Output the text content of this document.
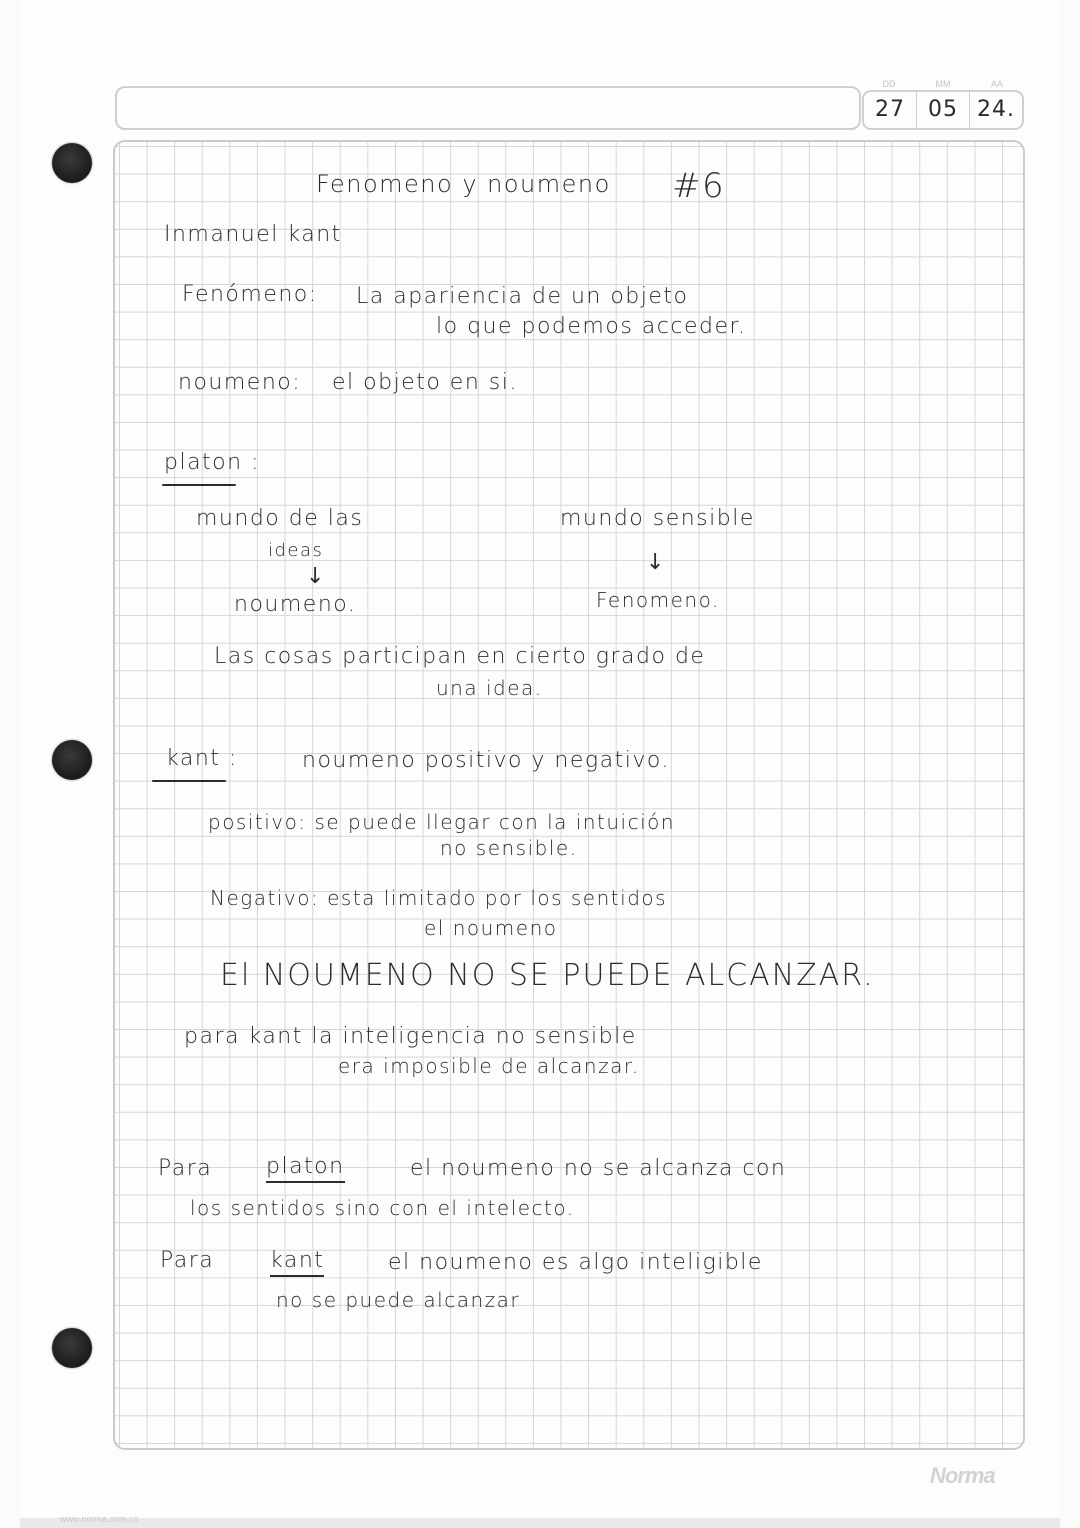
DD	MM	AA
27	05 24.
Fenomeno y noumeno #6
Inmanuel kant
Fenómeno: La apariencia de un objeto
lo que podemos acceder.
noumeno: el objeto en si.
platon :
mundo de las
ideas
↓
noumeno.
mundo sensible
↓
Fenomeno.
Las cosas participan en cierto grado de
una idea.
kant :	noumeno positivo y negativo.
positivo: se puede llegar con la intuición
no sensible.
Negativo: esta limitado por los sentidos
el noumeno
El NOUMENO NO SE PUEDE ALCANZAR.
para kant la inteligencia no sensible
era imposible de alcanzar.
Para platon	el noumeno no se alcanza con
los sentidos sino con el intelecto.
Para	kant	el noumeno es algo inteligible
no se puede alcanzar
Norma
www.norma.com.co
